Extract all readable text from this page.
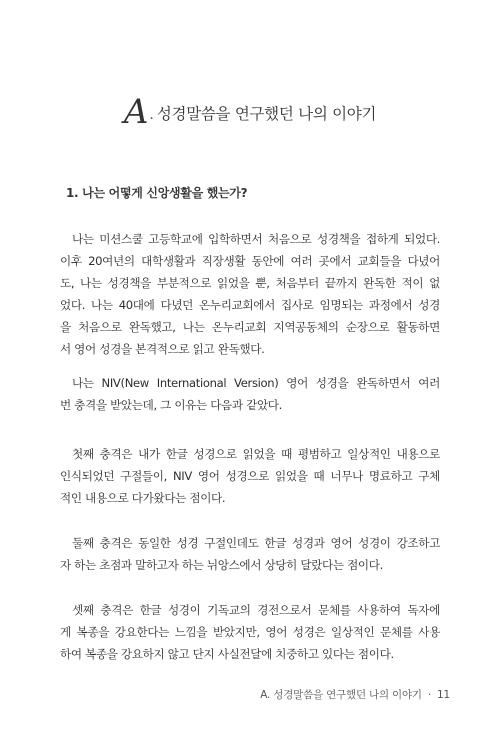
A. 성경말씀을 연구했던 나의 이야기
1. 나는 어떻게 신앙생활을 했는가?
나는 미션스쿨 고등학교에 입학하면서 처음으로 성경책을 접하게 되었다.
이후 20여년의 대학생활과 직장생활 동안에 여러 곳에서 교회들을 다녔어
도, 나는 성경책을 부분적으로 읽었을 뿐, 처음부터 끝까지 완독한 적이 없
었다. 나는 40대에 다녔던 온누리교회에서 집사로 임명되는 과정에서 성경
을 처음으로 완독했고, 나는 온누리교회 지역공동체의 순장으로 활동하면
서 영어 성경을 본격적으로 읽고 완독했다.
나는 NIV(New International Version) 영어 성경을 완독하면서 여러
번 충격을 받았는데, 그 이유는 다음과 같았다.
첫째 충격은 내가 한글 성경으로 읽었을 때 평범하고 일상적인 내용으로
인식되었던 구절들이, NIV 영어 성경으로 읽었을 때 너무나 명료하고 구체
적인 내용으로 다가왔다는 점이다.
둘째 충격은 동일한 성경 구절인데도 한글 성경과 영어 성경이 강조하고
자 하는 초점과 말하고자 하는 뉘앙스에서 상당히 달랐다는 점이다.
셋째 충격은 한글 성경이 기독교의 경전으로서 문체를 사용하여 독자에
게 복종을 강요한다는 느낌을 받았지만, 영어 성경은 일상적인 문체를 사용
하여 복종을 강요하지 않고 단지 사실전달에 치중하고 있다는 점이다.
A. 성경말씀을 연구했던 나의 이야기 · 11
